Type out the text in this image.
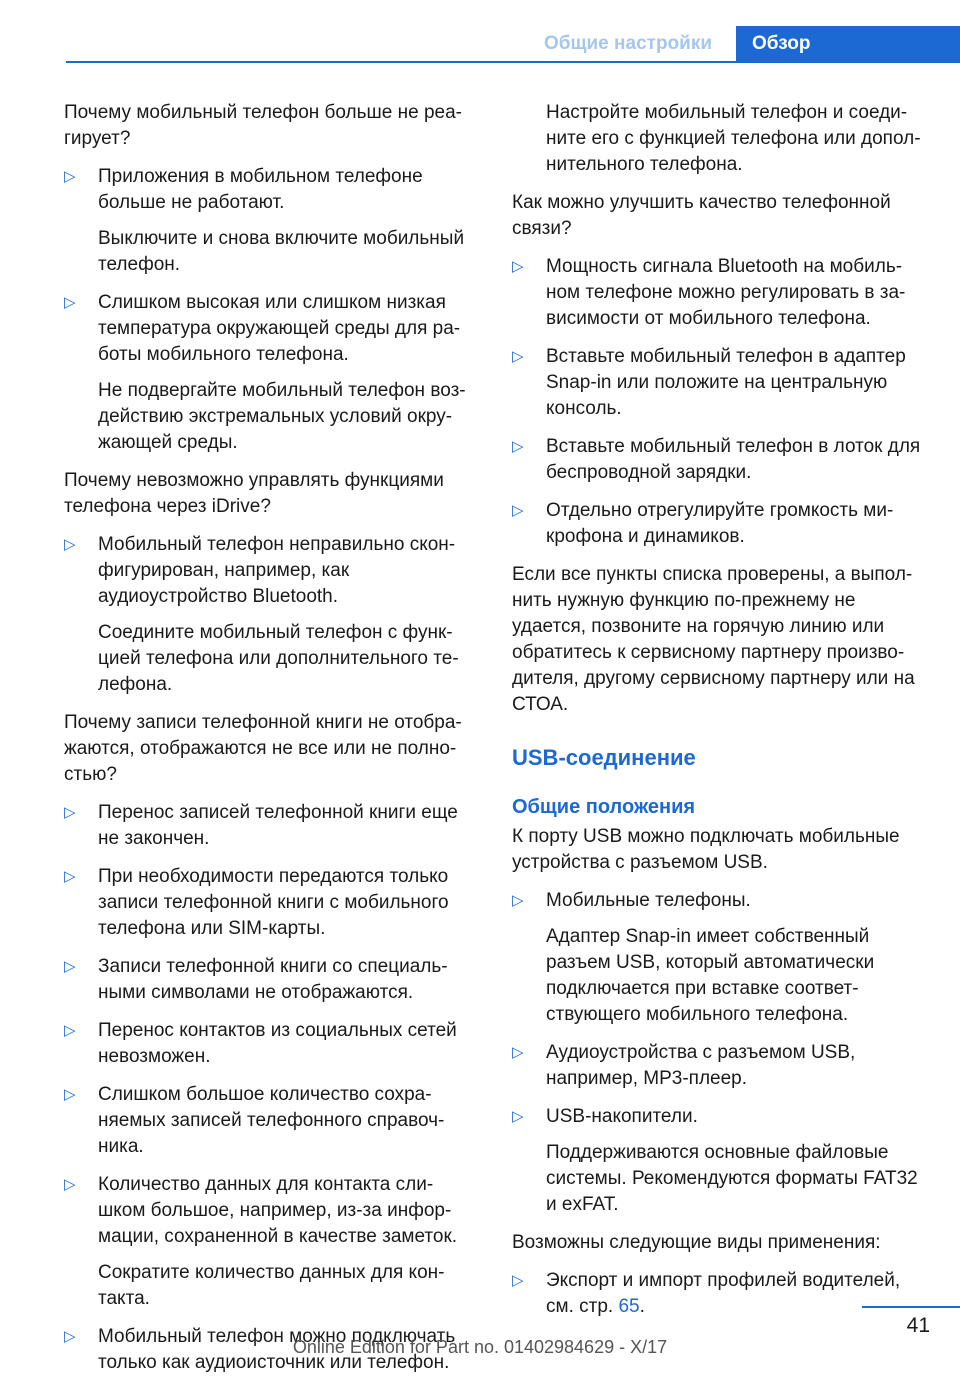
Общие настройки	Обзор

Почему мобильный телефон больше не реа-гирует?

▷ Приложения в мобильном телефоне больше не работают.
Выключите и снова включите мобильный телефон.
▷ Слишком высокая или слишком низкая температура окружающей среды для ра-боты мобильного телефона.
Не подвергайте мобильный телефон воз-действию экстремальных условий окру-жающей среды.

Почему невозможно управлять функциями телефона через iDrive?

▷ Мобильный телефон неправильно скон-фигурирован, например, как аудиоустройство Bluetooth.
Соедините мобильный телефон с функ-цией телефона или дополнительного те-лефона.

Почему записи телефонной книги не отобра-жаются, отображаются не все или не полно-стью?

▷ Перенос записей телефонной книги еще не закончен.
▷ При необходимости передаются только записи телефонной книги с мобильного телефона или SIM-карты.
▷ Записи телефонной книги со специаль-ными символами не отображаются.
▷ Перенос контактов из социальных сетей невозможен.
▷ Слишком большое количество сохра-няемых записей телефонного справоч-ника.
▷ Количество данных для контакта сли-шком большое, например, из-за инфор-мации, сохраненной в качестве заметок.
Сократите количество данных для кон-такта.
▷ Мобильный телефон можно подключать только как аудиоисточник или телефон.
Настройте мобильный телефон и соеди-ните его с функцией телефона или допол-нительного телефона.

Как можно улучшить качество телефонной связи?

▷ Мощность сигнала Bluetooth на мобиль-ном телефоне можно регулировать в за-висимости от мобильного телефона.
▷ Вставьте мобильный телефон в адаптер Snap-in или положите на центральную консоль.
▷ Вставьте мобильный телефон в лоток для беспроводной зарядки.
▷ Отдельно отрегулируйте громкость ми-крофона и динамиков.

Если все пункты списка проверены, а выпол-нить нужную функцию по-прежнему не удается, позвоните на горячую линию или обратитесь к сервисному партнеру произво-дителя, другому сервисному партнеру или на СТОА.

USB-соединение
Общие положения

К порту USB можно подключать мобильные устройства с разъемом USB.

▷ Мобильные телефоны.
Адаптер Snap-in имеет собственный разъем USB, который автоматически подключается при вставке соответ-ствующего мобильного телефона.
▷ Аудиоустройства с разъемом USB, например, MP3-плеер.
▷ USB-накопители.
Поддерживаются основные файловые системы. Рекомендуются форматы FAT32 и exFAT.

Возможны следующие виды применения:

▷ Экспорт и импорт профилей водителей, см. стр. 65.
41
Online Edition for Part no. 01402984629 - X/17
